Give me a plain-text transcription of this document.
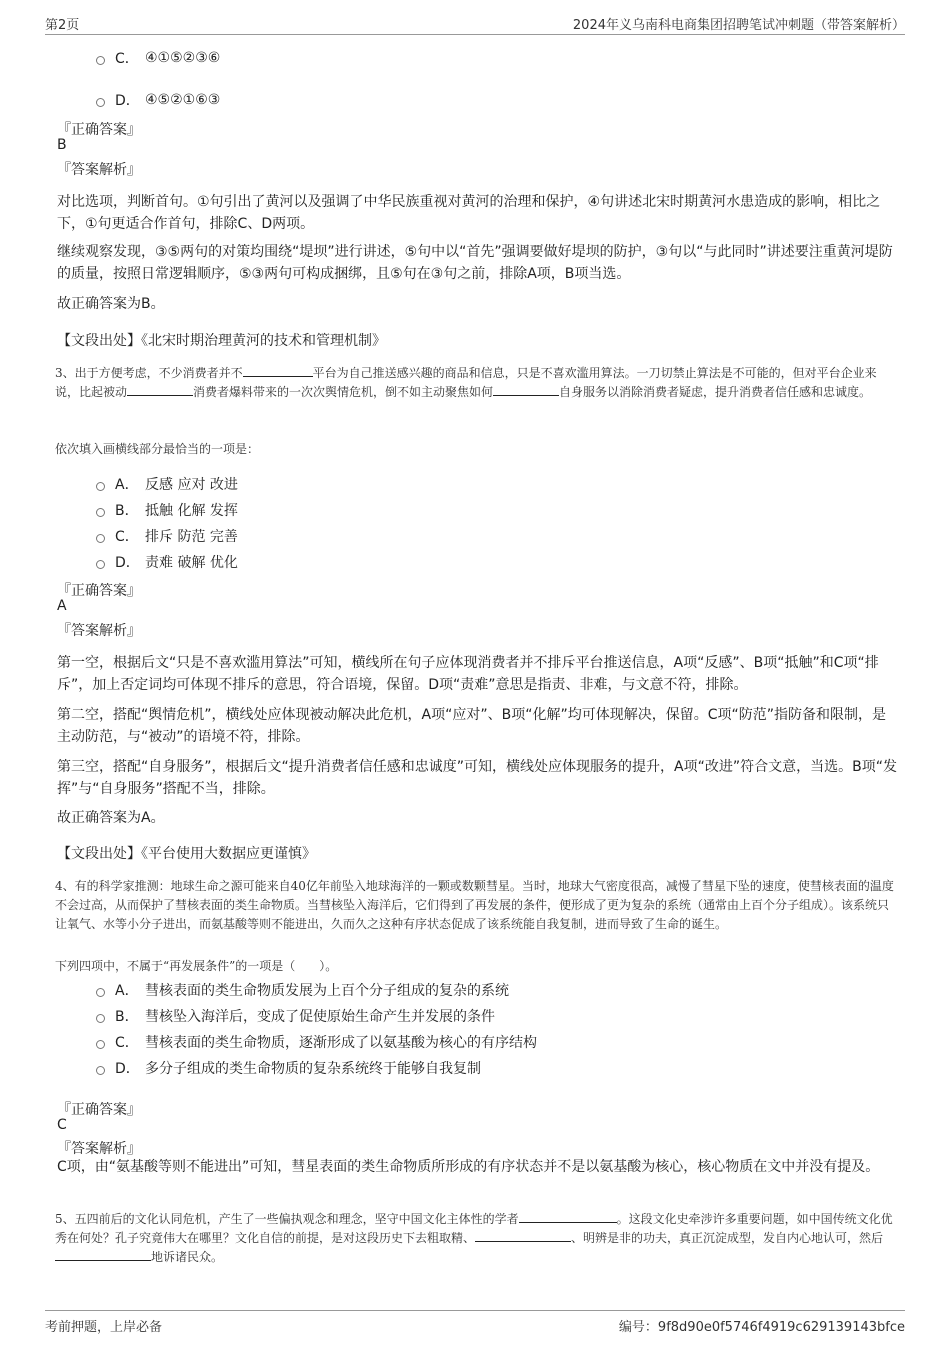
第2页	2024年义乌南科电商集团招聘笔试冲刺题（带答案解析）
C． ④①⑤②③⑥
D． ④⑤②①⑥③
『正确答案』
B
『答案解析』
对比选项，判断首句。①句引出了黄河以及强调了中华民族重视对黄河的治理和保护，④句讲述北宋时期黄河水患造成的影响，相比之下，①句更适合作首句，排除C、D两项。
继续观察发现，③⑤两句的对策均围绕“堤坝”进行讲述，⑤句中以“首先”强调要做好堤坝的防护，③句以“与此同时”讲述要注重黄河堤防的质量，按照日常逻辑顺序，⑤③两句可构成捆绑，且⑤句在③句之前，排除A项，B项当选。
故正确答案为B。
【文段出处】《北宋时期治理黄河的技术和管理机制》
3、出于方便考虑，不少消费者并不	平台为自己推送感兴趣的商品和信息，只是不喜欢滥用算法。一刀切禁止算法是不可能的，但对平台企业来说，比起被动	消费者爆料带来的一次次舆情危机，倒不如主动聚焦如何	自身服务以消除消费者疑虑，提升消费者信任感和忠诚度。
依次填入画横线部分最恰当的一项是：
A． 反感 应对 改进
B． 抵触 化解 发挥
C． 排斥 防范 完善
D． 责难 破解 优化
『正确答案』
A
『答案解析』
第一空，根据后文“只是不喜欢滥用算法”可知，横线所在句子应体现消费者并不排斥平台推送信息，A项“反感”、B项“抵触”和C项“排斥”，加上否定词均可体现不排斥的意思，符合语境，保留。D项“责难”意思是指责、非难，与文意不符，排除。
第二空，搭配“舆情危机”，横线处应体现被动解决此危机，A项“应对”、B项“化解”均可体现解决，保留。C项“防范”指防备和限制，是主动防范，与“被动”的语境不符，排除。
第三空，搭配“自身服务”，根据后文“提升消费者信任感和忠诚度”可知，横线处应体现服务的提升，A项“改进”符合文意，当选。B项“发挥”与“自身服务”搭配不当，排除。
故正确答案为A。
【文段出处】《平台使用大数据应更谨慎》
4、有的科学家推测：地球生命之源可能来自40亿年前坠入地球海洋的一颗或数颗彗星。当时，地球大气密度很高，减慢了彗星下坠的速度，使彗核表面的温度不会过高，从而保护了彗核表面的类生命物质。当彗核坠入海洋后，它们得到了再发展的条件，便形成了更为复杂的系统（通常由上百个分子组成）。该系统只让氧气、水等小分子进出，而氨基酸等则不能进出，久而久之这种有序状态促成了该系统能自我复制，进而导致了生命的诞生。
下列四项中，不属于“再发展条件”的一项是（　　）。
A． 彗核表面的类生命物质发展为上百个分子组成的复杂的系统
B． 彗核坠入海洋后，变成了促使原始生命产生并发展的条件
C． 彗核表面的类生命物质，逐渐形成了以氨基酸为核心的有序结构
D． 多分子组成的类生命物质的复杂系统终于能够自我复制
『正确答案』
C
『答案解析』
C项，由“氨基酸等则不能进出”可知，彗星表面的类生命物质所形成的有序状态并不是以氨基酸为核心，核心物质在文中并没有提及。
5、五四前后的文化认同危机，产生了一些偏执观念和理念，坚守中国文化主体性的学者	。这段文化史牵涉许多重要问题，如中国传统文化优秀在何处？孔子究竟伟大在哪里？文化自信的前提，是对这段历史下去粗取精、	、明辨是非的功夫，真正沉淀成型，发自内心地认可，然后地诉诸民众。
考前押题，上岸必备	编号：9f8d90e0f5746f4919c629139143bfce
